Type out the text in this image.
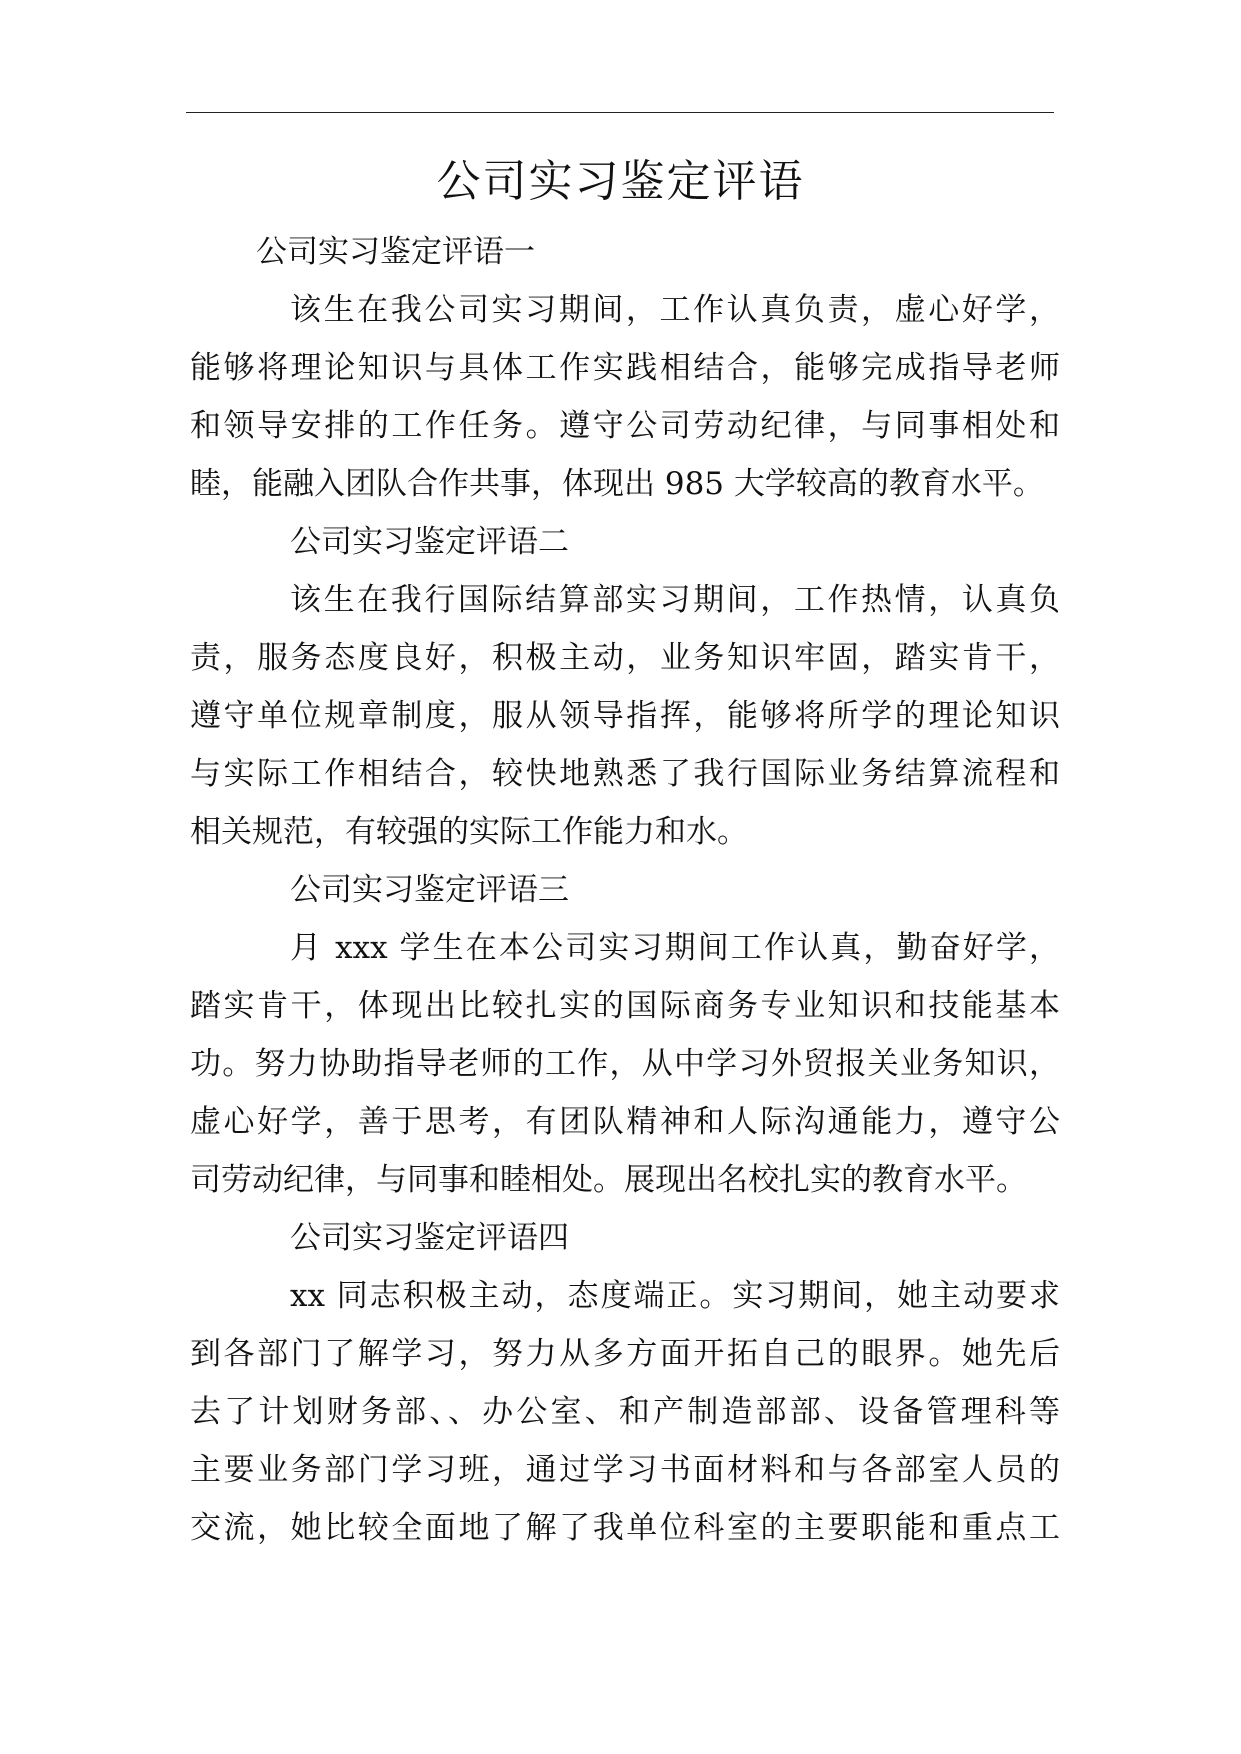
公司实习鉴定评语
公司实习鉴定评语一
该生在我公司实习期间，工作认真负责，虚心好学，
能够将理论知识与具体工作实践相结合，能够完成指导老师
和领导安排的工作任务。遵守公司劳动纪律，与同事相处和
睦，能融入团队合作共事，体现出 985 大学较高的教育水平。
公司实习鉴定评语二
该生在我行国际结算部实习期间，工作热情，认真负
责，服务态度良好，积极主动，业务知识牢固，踏实肯干，
遵守单位规章制度，服从领导指挥，能够将所学的理论知识
与实际工作相结合，较快地熟悉了我行国际业务结算流程和
相关规范，有较强的实际工作能力和水。
公司实习鉴定评语三
月 xxx 学生在本公司实习期间工作认真，勤奋好学，
踏实肯干，体现出比较扎实的国际商务专业知识和技能基本
功。努力协助指导老师的工作，从中学习外贸报关业务知识，
虚心好学，善于思考，有团队精神和人际沟通能力，遵守公
司劳动纪律，与同事和睦相处。展现出名校扎实的教育水平。
公司实习鉴定评语四
xx 同志积极主动，态度端正。实习期间，她主动要求
到各部门了解学习，努力从多方面开拓自己的眼界。她先后
去了计划财务部、、办公室、和产制造部部、设备管理科等
主要业务部门学习班，通过学习书面材料和与各部室人员的
交流，她比较全面地了解了我单位科室的主要职能和重点工
